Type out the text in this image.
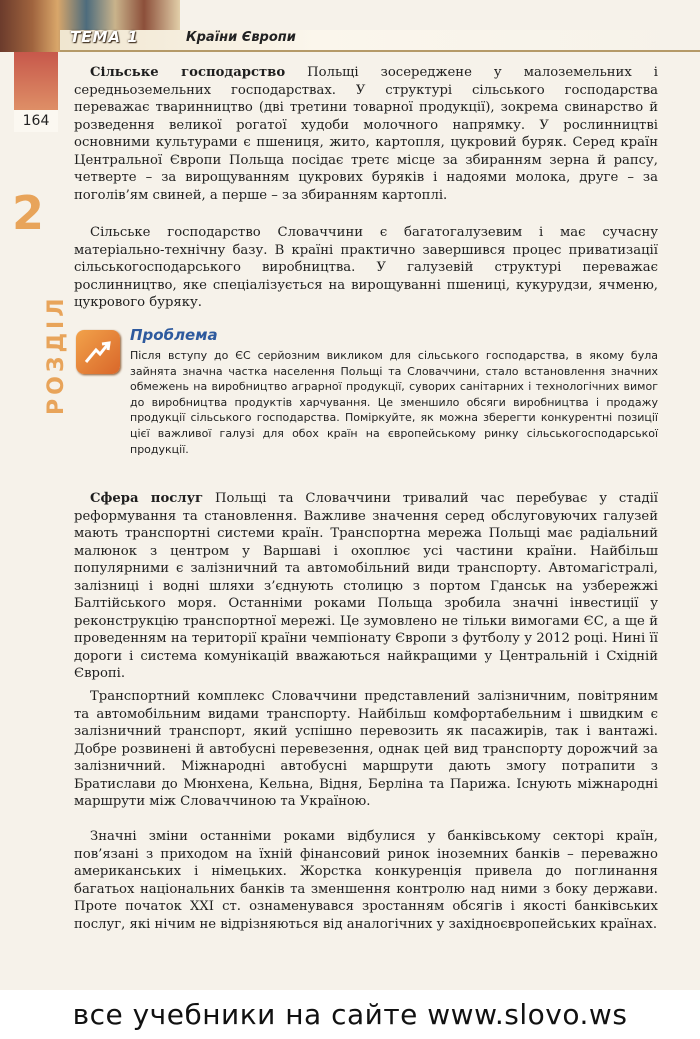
ТЕМА 1	Країни Європи
164
2
РОЗДІЛ

Сільське господарство Польщі зосереджене у малоземельних і середньоземельних господарствах. У структурі сільського господарства переважає тваринництво (дві третини товарної продукції), зокрема свинарство й розведення великої рогатої худоби молочного напрямку. У рослинництві основними культурами є пшениця, жито, картопля, цукровий буряк. Серед країн Центральної Європи Польща посідає третє місце за збиранням зерна й рапсу, четверте – за вирощуванням цукрових буряків і надоями молока, друге – за поголів’ям свиней, а перше – за збиранням картоплі.

Сільське господарство Словаччини є багатогалузевим і має сучасну матеріально-технічну базу. В країні практично завершився процес приватизації сільськогосподарського виробництва. У галузевій структурі переважає рослинництво, яке спеціалізується на вирощуванні пшениці, кукурудзи, ячменю, цукрового буряку.

Проблема

Після вступу до ЄС серйозним викликом для сільського господарства, в якому була зайнята значна частка населення Польщі та Словаччини, стало встановлення значних обмежень на виробництво аграрної продукції, суворих санітарних і технологічних вимог до виробництва продуктів харчування. Це зменшило обсяги виробництва і продажу продукції сільського господарства. Поміркуйте, як можна зберегти конкурентні позиції цієї важливої галузі для обох країн на європейському ринку сільськогосподарської продукції.

Сфера послуг Польщі та Словаччини тривалий час перебуває у стадії реформування та становлення. Важливе значення серед обслуговуючих галузей мають транспортні системи країн. Транспортна мережа Польщі має радіальний малюнок з центром у Варшаві і охоплює усі частини країни. Найбільш популярними є залізничний та автомобільний види транспорту. Автомагістралі, залізниці і водні шляхи з’єднують столицю з портом Гданськ на узбережжі Балтійського моря. Останніми роками Польща зробила значні інвестиції у реконструкцію транспортної мережі. Це зумовлено не тільки вимогами ЄС, а ще й проведенням на території країни чемпіонату Європи з футболу у 2012 році. Нині її дороги і система комунікацій вважаються найкращими у Центральній і Східній Європі.

Транспортний комплекс Словаччини представлений залізничним, повітряним та автомобільним видами транспорту. Найбільш комфортабельним і швидким є залізничний транспорт, який успішно перевозить як пасажирів, так і вантажі. Добре розвинені й автобусні перевезення, однак цей вид транспорту дорожчий за залізничний. Міжнародні автобусні маршрути дають змогу потрапити з Братислави до Мюнхена, Кельна, Відня, Берліна та Парижа. Існують міжнародні маршрути між Словаччиною та Україною.

Значні зміни останніми роками відбулися у банківському секторі країн, пов’язані з приходом на їхній фінансовий ринок іноземних банків – переважно американських і німецьких. Жорстка конкуренція привела до поглинання багатьох національних банків та зменшення контролю над ними з боку держави. Проте початок XXI ст. ознаменувався зростанням обсягів і якості банківських послуг, які нічим не відрізняються від аналогічних у західноєвропейських країнах.

все учебники на сайте www.slovo.ws
